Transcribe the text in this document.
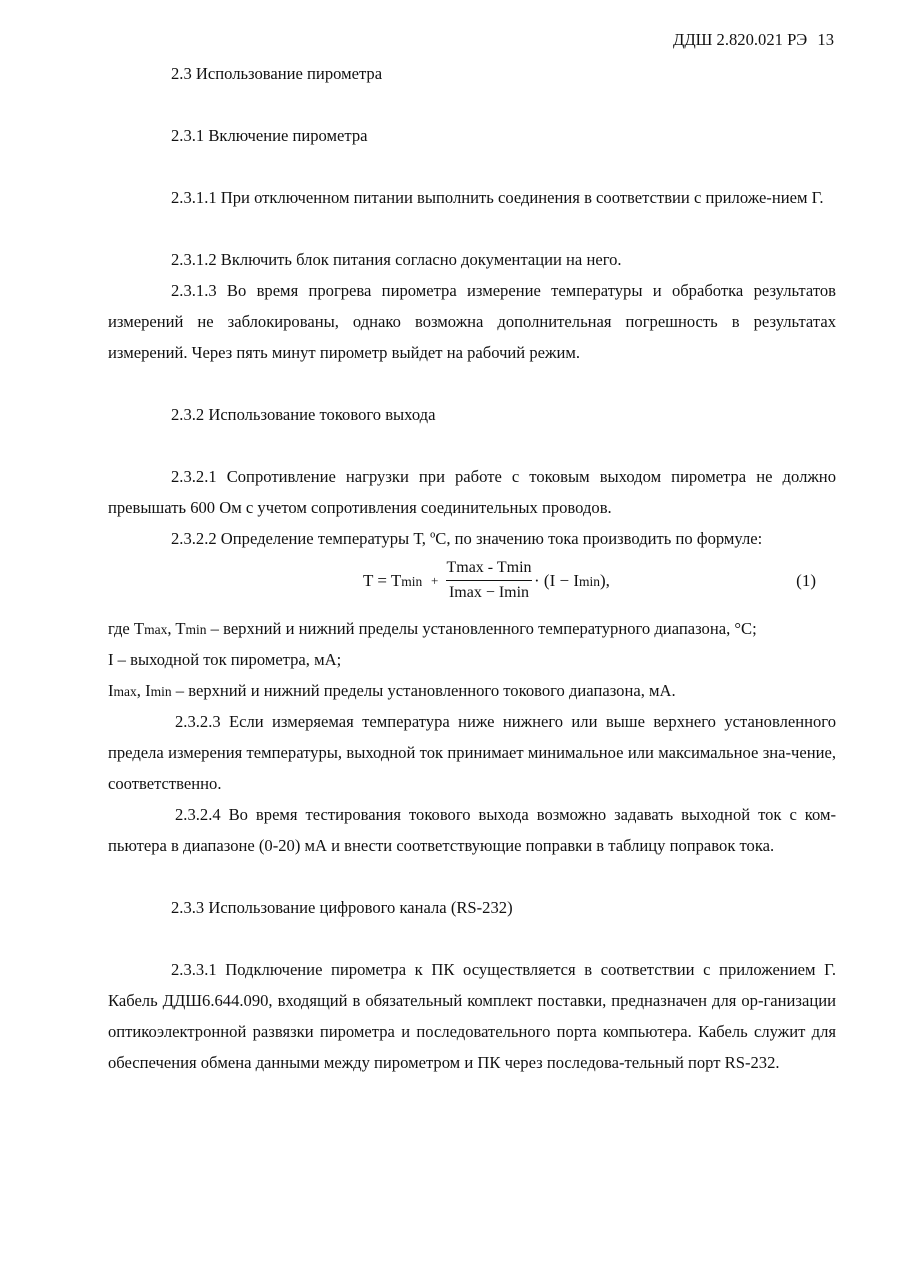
ДДШ 2.820.021 РЭ 13
2.3 Использование пирометра
2.3.1 Включение пирометра

2.3.1.1 При отключенном питании выполнить соединения в соответствии с приложе-нием Г.

2.3.1.2 Включить блок питания согласно документации на него.

2.3.1.3 Во время прогрева пирометра измерение температуры и обработка результатов измерений не заблокированы, однако возможна дополнительная погрешность в результатах измерений. Через пять минут пирометр выйдет на рабочий режим.

2.3.2 Использование токового выхода

2.3.2.1 Сопротивление нагрузки при работе с токовым выходом пирометра не должно превышать 600 Ом с учетом сопротивления соединительных проводов.

2.3.2.2 Определение температуры Т, ºС, по значению тока производить по формуле:

T = Tmin +
Tmax - Tmin
Imax − Imin
· (I − Imin),	(1)
где Tmax, Tmin – верхний и нижний пределы установленного температурного диапазона, °С;
I – выходной ток пирометра, мА;
Imax, Imin – верхний и нижний пределы установленного токового диапазона, мА.

2.3.2.3 Если измеряемая температура ниже нижнего или выше верхнего установленного предела измерения температуры, выходной ток принимает минимальное или максимальное зна-чение, соответственно.

2.3.2.4 Во время тестирования токового выхода возможно задавать выходной ток с ком-пьютера в диапазоне (0-20) мА и внести соответствующие поправки в таблицу поправок тока.

2.3.3 Использование цифрового канала (RS-232)

2.3.3.1 Подключение пирометра к ПК осуществляется в соответствии с приложением Г. Кабель ДДШ6.644.090, входящий в обязательный комплект поставки, предназначен для ор-ганизации оптикоэлектронной развязки пирометра и последовательного порта компьютера. Кабель служит для обеспечения обмена данными между пирометром и ПК через последова-тельный порт RS-232.
